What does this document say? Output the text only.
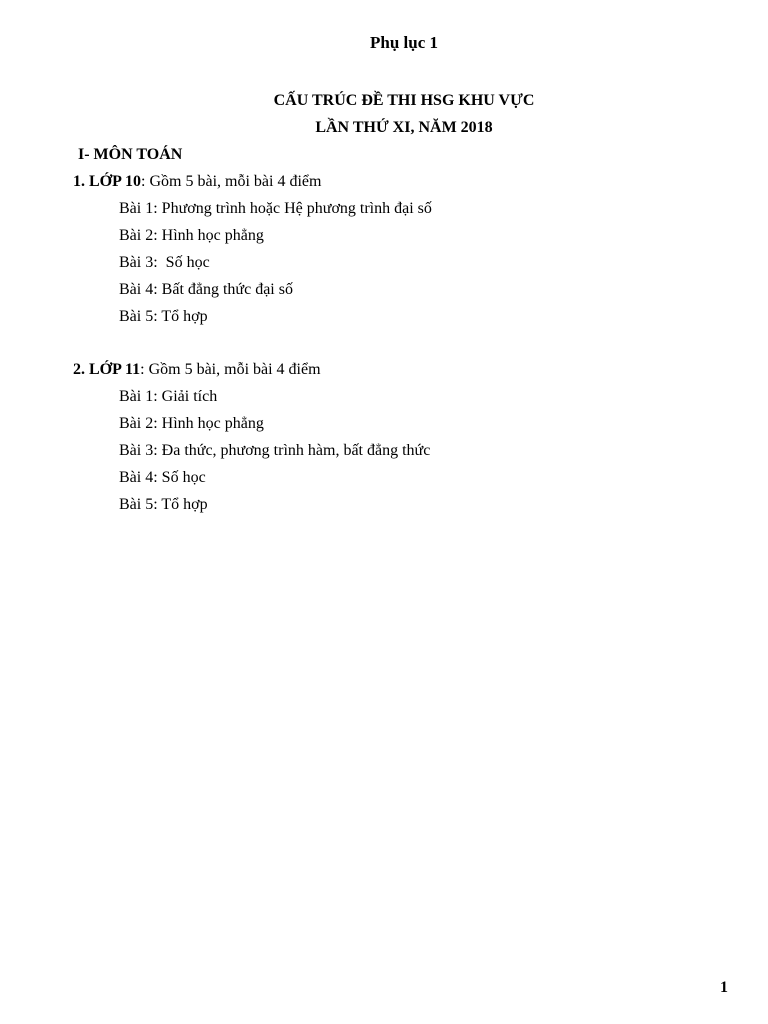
Phụ lục 1
CẤU TRÚC ĐỀ THI HSG KHU VỰC
LẦN THỨ XI, NĂM 2018
I- MÔN TOÁN
1. LỚP 10: Gồm 5 bài, mỗi bài 4 điểm
Bài 1: Phương trình hoặc Hệ phương trình đại số
Bài 2: Hình học phẳng
Bài 3:  Số học
Bài 4: Bất đẳng thức đại số
Bài 5: Tổ hợp
2. LỚP 11: Gồm 5 bài, mỗi bài 4 điểm
Bài 1: Giải tích
Bài 2: Hình học phẳng
Bài 3: Đa thức, phương trình hàm, bất đẳng thức
Bài 4: Số học
Bài 5: Tổ hợp
1
